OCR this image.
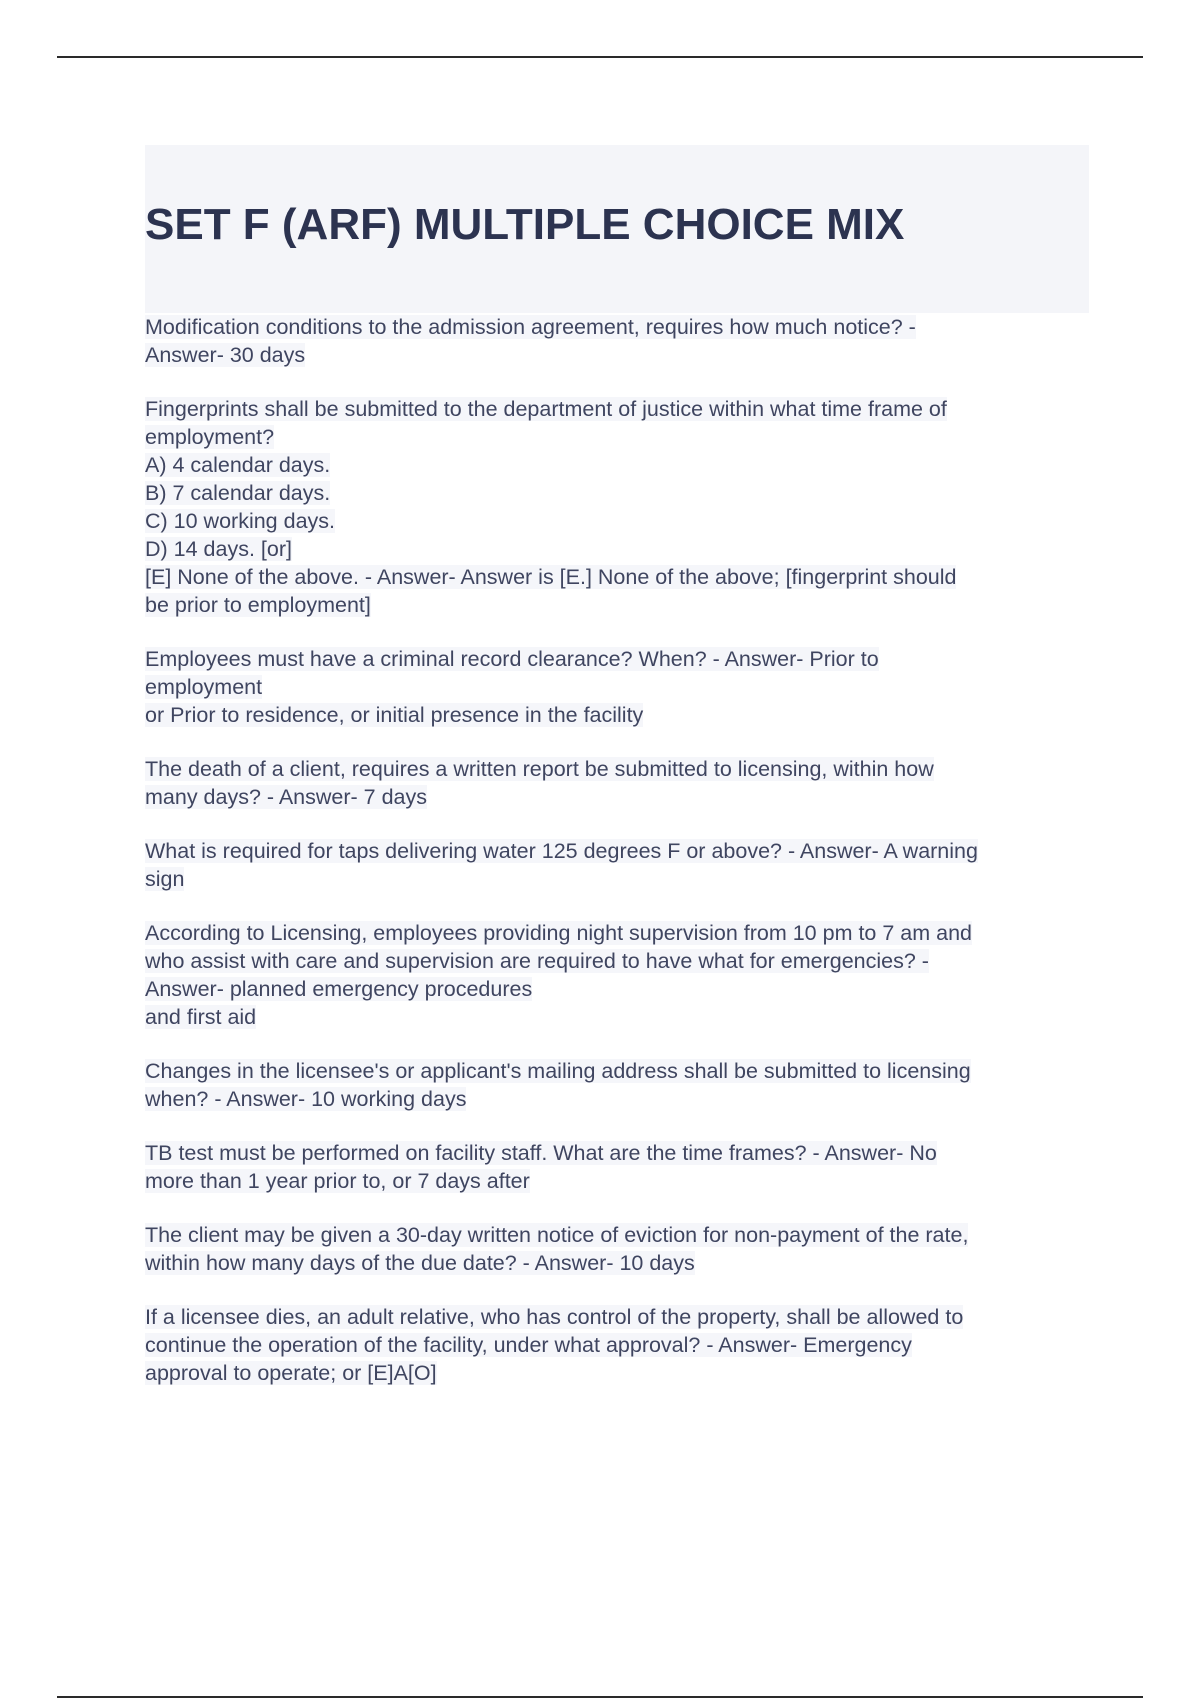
SET F (ARF) MULTIPLE CHOICE MIX
Modification conditions to the admission agreement, requires how much notice? -
Answer- 30 days
Fingerprints shall be submitted to the department of justice within what time frame of
employment?
A) 4 calendar days.
B) 7 calendar days.
C) 10 working days.
D) 14 days. [or]
[E] None of the above. - Answer- Answer is [E.] None of the above; [fingerprint should
be prior to employment]
Employees must have a criminal record clearance? When? - Answer- Prior to
employment
or Prior to residence, or initial presence in the facility
The death of a client, requires a written report be submitted to licensing, within how
many days? - Answer- 7 days
What is required for taps delivering water 125 degrees F or above? - Answer- A warning
sign
According to Licensing, employees providing night supervision from 10 pm to 7 am and
who assist with care and supervision are required to have what for emergencies? -
Answer- planned emergency procedures
and first aid
Changes in the licensee's or applicant's mailing address shall be submitted to licensing
when? - Answer- 10 working days
TB test must be performed on facility staff. What are the time frames? - Answer- No
more than 1 year prior to, or 7 days after
The client may be given a 30-day written notice of eviction for non-payment of the rate,
within how many days of the due date? - Answer- 10 days
If a licensee dies, an adult relative, who has control of the property, shall be allowed to
continue the operation of the facility, under what approval? - Answer- Emergency
approval to operate; or [E]A[O]
